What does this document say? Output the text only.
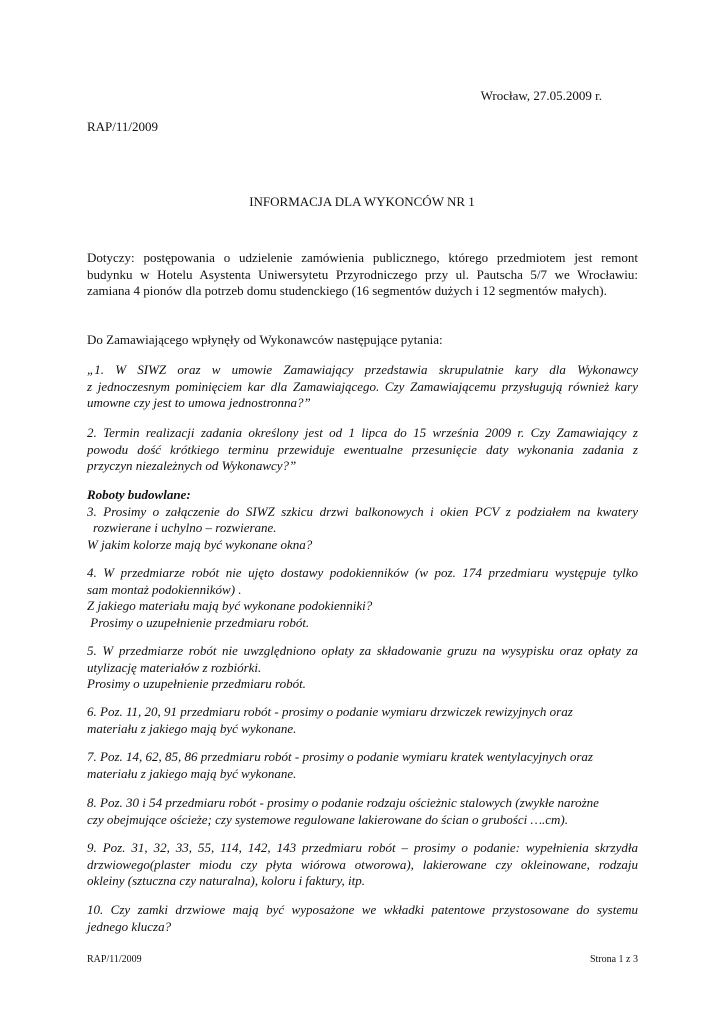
Wrocław, 27.05.2009 r.
RAP/11/2009
INFORMACJA DLA WYKONCÓW NR 1
Dotyczy: postępowania o udzielenie zamówienia publicznego, którego przedmiotem jest remont
budynku w Hotelu Asystenta Uniwersytetu Przyrodniczego przy ul. Pautscha 5/7 we Wrocławiu:
zamiana 4 pionów dla potrzeb domu studenckiego (16 segmentów dużych i 12 segmentów małych).
Do Zamawiającego wpłynęły od Wykonawców następujące pytania:
„1. W SIWZ oraz w umowie Zamawiający przedstawia skrupulatnie kary dla Wykonawcy
z jednoczesnym pominięciem kar dla Zamawiającego. Czy Zamawiającemu przysługują również kary
umowne czy jest to umowa jednostronna?”
2. Termin realizacji zadania określony jest od 1 lipca do 15 września 2009 r. Czy Zamawiający z
powodu dość krótkiego terminu przewiduje ewentualne przesunięcie daty wykonania zadania z
przyczyn niezależnych od Wykonawcy?”
Roboty budowlane:
3. Prosimy o załączenie do SIWZ szkicu drzwi balkonowych i okien PCV z podziałem na kwatery
rozwierane i uchylno – rozwierane.
W jakim kolorze mają być wykonane okna?
4. W przedmiarze robót nie ujęto dostawy podokienników (w poz. 174 przedmiaru występuje tylko
sam montaż podokienników) .
Z jakiego materiału mają być wykonane podokienniki?
Prosimy o uzupełnienie przedmiaru robót.
5. W przedmiarze robót nie uwzględniono opłaty za składowanie gruzu na wysypisku oraz opłaty za
utylizację materiałów z rozbiórki.
Prosimy o uzupełnienie przedmiaru robót.
6. Poz. 11, 20, 91 przedmiaru robót - prosimy o podanie wymiaru drzwiczek rewizyjnych oraz
materiału z jakiego mają być wykonane.
7. Poz. 14, 62, 85, 86 przedmiaru robót - prosimy o podanie wymiaru kratek wentylacyjnych oraz
materiału z jakiego mają być wykonane.
8. Poz. 30 i 54 przedmiaru robót - prosimy o podanie rodzaju ościeżnic stalowych (zwykłe narożne
czy obejmujące ościeże; czy systemowe regulowane lakierowane do ścian o grubości ….cm).
9. Poz. 31, 32, 33, 55, 114, 142, 143 przedmiaru robót – prosimy o podanie: wypełnienia skrzydła
drzwiowego(plaster miodu czy płyta wiórowa otworowa), lakierowane czy okleinowane, rodzaju
okleiny (sztuczna czy naturalna), koloru i faktury, itp.
10. Czy zamki drzwiowe mają być wyposażone we wkładki patentowe przystosowane do systemu
jednego klucza?
RAP/11/2009	Strona 1 z 3
